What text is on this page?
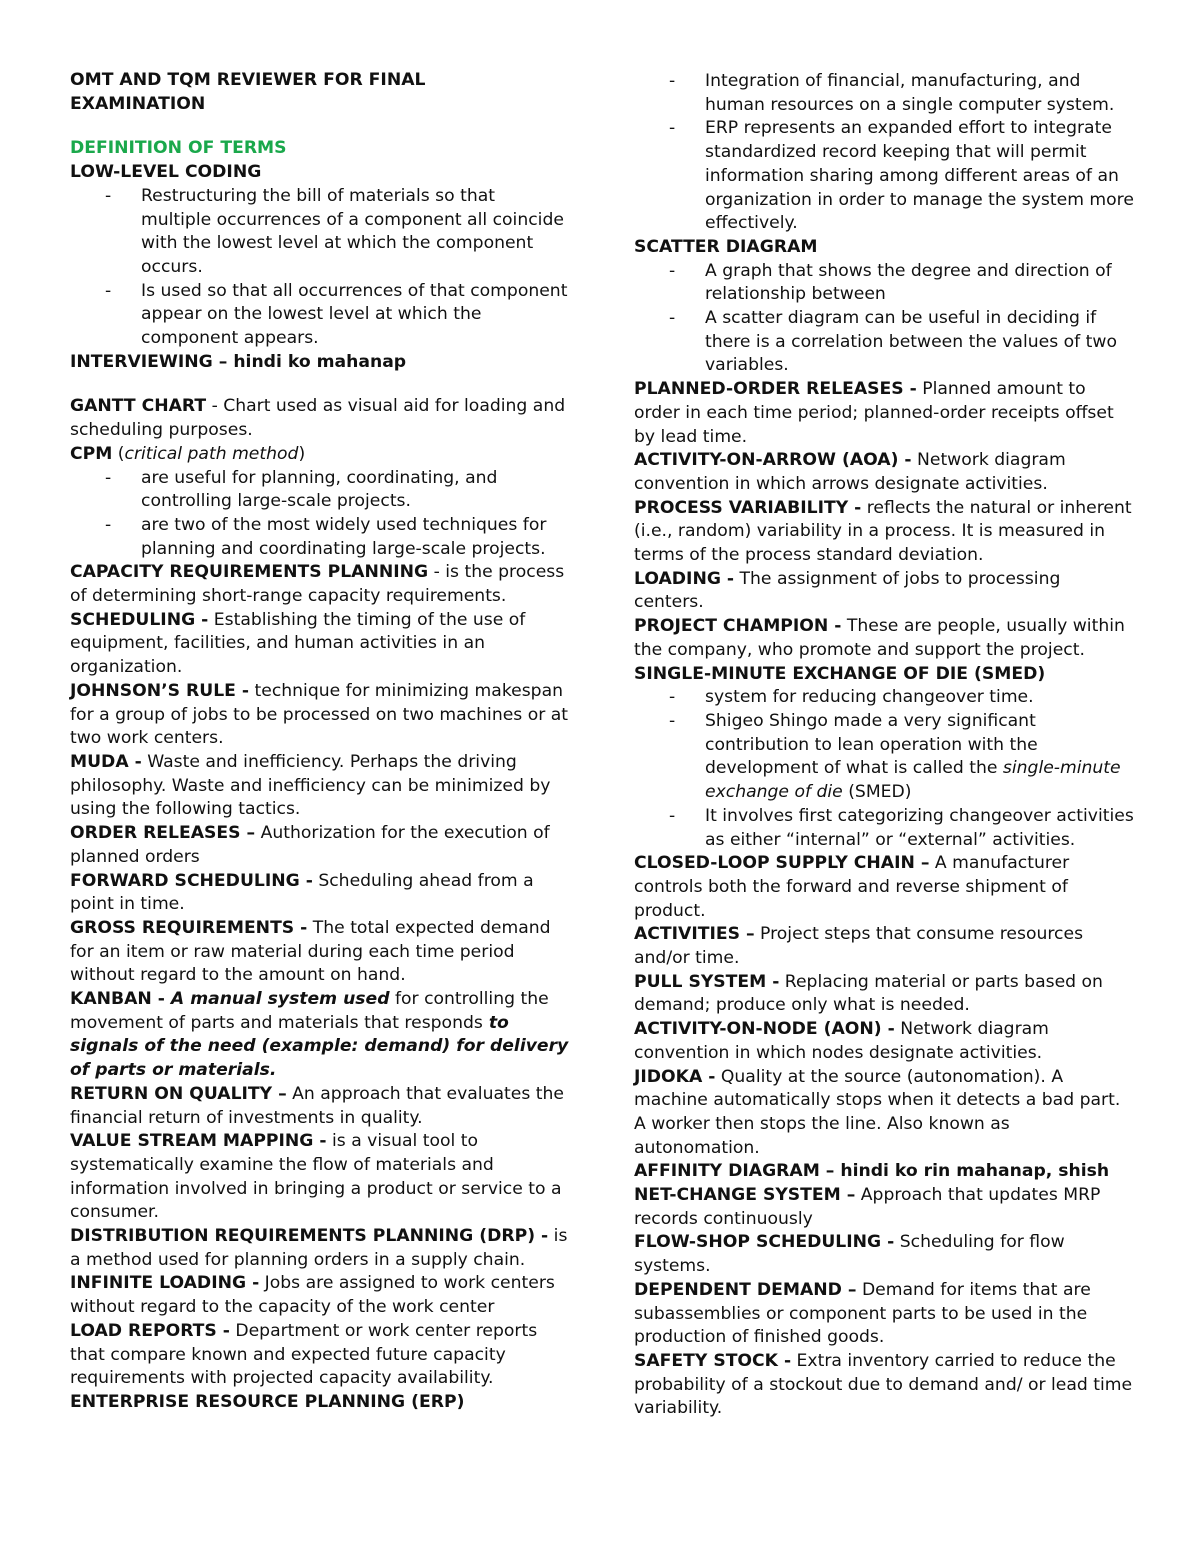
OMT AND TQM REVIEWER FOR FINAL
EXAMINATION

DEFINITION OF TERMS

LOW-LEVEL CODING

- Restructuring the bill of materials so that multiple occurrences of a component all coincide with the lowest level at which the component occurs.
- Is used so that all occurrences of that component appear on the lowest level at which the component appears.

INTERVIEWING – hindi ko mahanap

GANTT CHART - Chart used as visual aid for loading and scheduling purposes.

CPM (critical path method)

- are useful for planning, coordinating, and controlling large-scale projects.
- are two of the most widely used techniques for planning and coordinating large-scale projects.

CAPACITY REQUIREMENTS PLANNING - is the process of determining short-range capacity requirements.

SCHEDULING - Establishing the timing of the use of equipment, facilities, and human activities in an organization.

JOHNSON’S RULE - technique for minimizing makespan for a group of jobs to be processed on two machines or at two work centers.

MUDA - Waste and inefficiency. Perhaps the driving philosophy. Waste and inefficiency can be minimized by using the following tactics.

ORDER RELEASES – Authorization for the execution of planned orders

FORWARD SCHEDULING - Scheduling ahead from a point in time.

GROSS REQUIREMENTS - The total expected demand for an item or raw material during each time period without regard to the amount on hand.

KANBAN - A manual system used for controlling the movement of parts and materials that responds to signals of the need (example: demand) for delivery of parts or materials.

RETURN ON QUALITY – An approach that evaluates the financial return of investments in quality.

VALUE STREAM MAPPING - is a visual tool to systematically examine the flow of materials and information involved in bringing a product or service to a consumer.

DISTRIBUTION REQUIREMENTS PLANNING (DRP) - is a method used for planning orders in a supply chain.

INFINITE LOADING - Jobs are assigned to work centers without regard to the capacity of the work center

LOAD REPORTS - Department or work center reports that compare known and expected future capacity requirements with projected capacity availability.

ENTERPRISE RESOURCE PLANNING (ERP)

- Integration of financial, manufacturing, and human resources on a single computer system.
- ERP represents an expanded effort to integrate standardized record keeping that will permit information sharing among different areas of an organization in order to manage the system more effectively.

SCATTER DIAGRAM

- A graph that shows the degree and direction of relationship between
- A scatter diagram can be useful in deciding if there is a correlation between the values of two variables.

PLANNED-ORDER RELEASES - Planned amount to order in each time period; planned-order receipts offset by lead time.

ACTIVITY-ON-ARROW (AOA) - Network diagram convention in which arrows designate activities.

PROCESS VARIABILITY - reflects the natural or inherent (i.e., random) variability in a process. It is measured in terms of the process standard deviation.

LOADING - The assignment of jobs to processing centers.

PROJECT CHAMPION - These are people, usually within the company, who promote and support the project.

SINGLE-MINUTE EXCHANGE OF DIE (SMED)

- system for reducing changeover time.
- Shigeo Shingo made a very significant contribution to lean operation with the development of what is called the single-minute exchange of die (SMED)
- It involves first categorizing changeover activities as either “internal” or “external” activities.

CLOSED-LOOP SUPPLY CHAIN – A manufacturer controls both the forward and reverse shipment of product.

ACTIVITIES – Project steps that consume resources and/or time.

PULL SYSTEM - Replacing material or parts based on demand; produce only what is needed.

ACTIVITY-ON-NODE (AON) - Network diagram convention in which nodes designate activities.

JIDOKA - Quality at the source (autonomation). A machine automatically stops when it detects a bad part. A worker then stops the line. Also known as autonomation.

AFFINITY DIAGRAM – hindi ko rin mahanap, shish

NET-CHANGE SYSTEM – Approach that updates MRP records continuously

FLOW-SHOP SCHEDULING - Scheduling for flow systems.

DEPENDENT DEMAND – Demand for items that are subassemblies or component parts to be used in the production of finished goods.

SAFETY STOCK - Extra inventory carried to reduce the probability of a stockout due to demand and/ or lead time variability.
